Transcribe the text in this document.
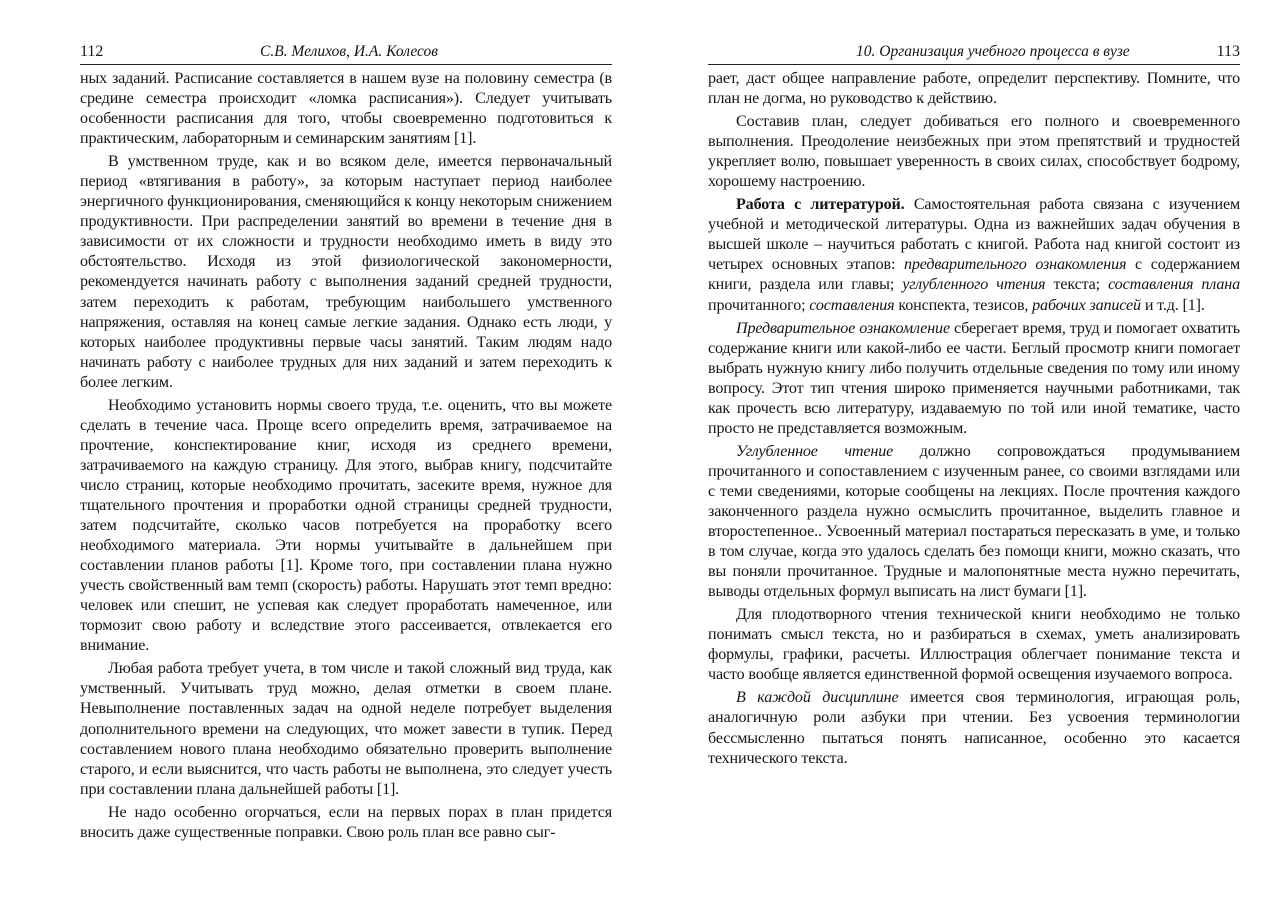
112	С.В. Мелихов, И.А. Колесов

ных заданий. Расписание составляется в нашем вузе на половину семестра (в средине семестра происходит «ломка расписания»). Следует учитывать особенности расписания для того, чтобы своевременно подготовиться к практическим, лабораторным и семинарским занятиям [1].

В умственном труде, как и во всяком деле, имеется первоначальный период «втягивания в работу», за которым наступает период наиболее энергичного функционирования, сменяющийся к концу некоторым снижением продуктивности. При распределении занятий во времени в течение дня в зависимости от их сложности и трудности необходимо иметь в виду это обстоятельство. Исходя из этой физиологической закономерности, рекомендуется начинать работу с выполнения заданий средней трудности, затем переходить к работам, требующим наибольшего умственного напряжения, оставляя на конец самые легкие задания. Однако есть люди, у которых наиболее продуктивны первые часы занятий. Таким людям надо начинать работу с наиболее трудных для них заданий и затем переходить к более легким.

Необходимо установить нормы своего труда, т.е. оценить, что вы можете сделать в течение часа. Проще всего определить время, затрачиваемое на прочтение, конспектирование книг, исходя из среднего времени, затрачиваемого на каждую страницу. Для этого, выбрав книгу, подсчитайте число страниц, которые необходимо прочитать, засеките время, нужное для тщательного прочтения и проработки одной страницы средней трудности, затем подсчитайте, сколько часов потребуется на проработку всего необходимого материала. Эти нормы учитывайте в дальнейшем при составлении планов работы [1]. Кроме того, при составлении плана нужно учесть свойственный вам темп (скорость) работы. Нарушать этот темп вредно: человек или спешит, не успевая как следует проработать намеченное, или тормозит свою работу и вследствие этого рассеивается, отвлекается его внимание.

Любая работа требует учета, в том числе и такой сложный вид труда, как умственный. Учитывать труд можно, делая отметки в своем плане. Невыполнение поставленных задач на одной неделе потребует выделения дополнительного времени на следующих, что может завести в тупик. Перед составлением нового плана необходимо обязательно проверить выполнение старого, и если выяснится, что часть работы не выполнена, это следует учесть при составлении плана дальнейшей работы [1].

Не надо особенно огорчаться, если на первых порах в план придется вносить даже существенные поправки. Свою роль план все равно сыг-

10. Организация учебного процесса в вузе	113

рает, даст общее направление работе, определит перспективу. Помните, что план не догма, но руководство к действию.

Составив план, следует добиваться его полного и своевременного выполнения. Преодоление неизбежных при этом препятствий и трудностей укрепляет волю, повышает уверенность в своих силах, способствует бодрому, хорошему настроению.

Работа с литературой. Самостоятельная работа связана с изучением учебной и методической литературы. Одна из важнейших задач обучения в высшей школе – научиться работать с книгой. Работа над книгой состоит из четырех основных этапов: предварительного ознакомления с содержанием книги, раздела или главы; углубленного чтения текста; составления плана прочитанного; составления конспекта, тезисов, рабочих записей и т.д. [1].

Предварительное ознакомление сберегает время, труд и помогает охватить содержание книги или какой-либо ее части. Беглый просмотр книги помогает выбрать нужную книгу либо получить отдельные сведения по тому или иному вопросу. Этот тип чтения широко применяется научными работниками, так как прочесть всю литературу, издаваемую по той или иной тематике, часто просто не представляется возможным.

Углубленное чтение должно сопровождаться продумыванием прочитанного и сопоставлением с изученным ранее, со своими взглядами или с теми сведениями, которые сообщены на лекциях. После прочтения каждого законченного раздела нужно осмыслить прочитанное, выделить главное и второстепенное.. Усвоенный материал постараться пересказать в уме, и только в том случае, когда это удалось сделать без помощи книги, можно сказать, что вы поняли прочитанное. Трудные и малопонятные места нужно перечитать, выводы отдельных формул выписать на лист бумаги [1].

Для плодотворного чтения технической книги необходимо не только понимать смысл текста, но и разбираться в схемах, уметь анализировать формулы, графики, расчеты. Иллюстрация облегчает понимание текста и часто вообще является единственной формой освещения изучаемого вопроса.

В каждой дисциплине имеется своя терминология, играющая роль, аналогичную роли азбуки при чтении. Без усвоения терминологии бессмысленно пытаться понять написанное, особенно это касается технического текста.
